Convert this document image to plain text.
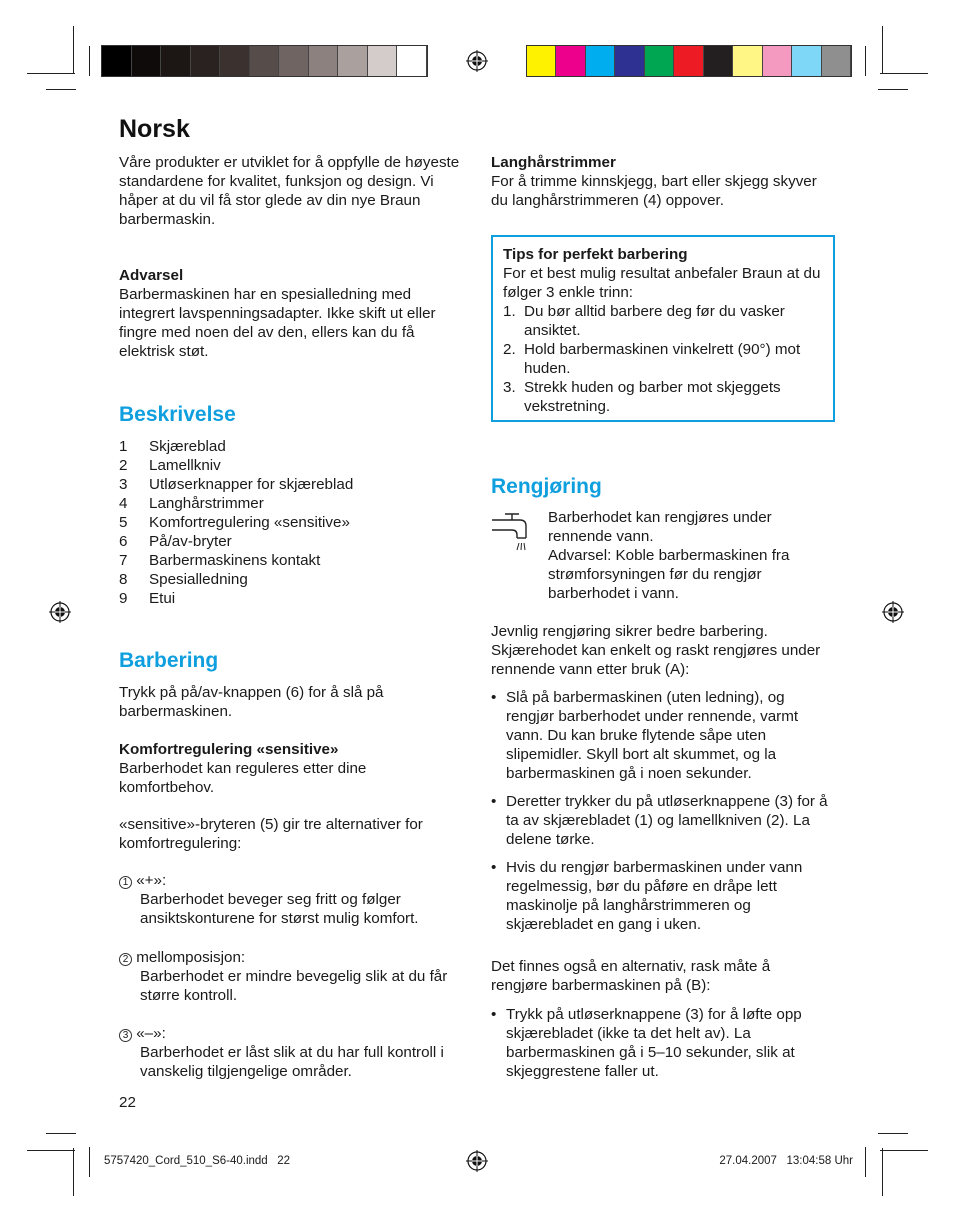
Norsk

Våre produkter er utviklet for å oppfylle de høyeste standardene for kvalitet, funksjon og design. Vi håper at du vil få stor glede av din nye Braun barbermaskin.

Advarsel

Barbermaskinen har en spesialledning med integrert lavspenningsadapter. Ikke skift ut eller fingre med noen del av den, ellers kan du få elektrisk støt.

Beskrivelse
1	Skjæreblad
2	Lamellkniv
3	Utløserknapper for skjæreblad
4	Langhårstrimmer
5	Komfortregulering «sensitive»
6	På/av-bryter
7	Barbermaskinens kontakt
8	Spesialledning
9	Etui
Barbering

Trykk på på/av-knappen (6) for å slå på barbermaskinen.

Komfortregulering «sensitive»

Barberhodet kan reguleres etter dine komfortbehov.

«sensitive»-bryteren (5) gir tre alternativer for komfortregulering:

1 «+»:

Barberhodet beveger seg fritt og følger ansiktskonturene for størst mulig komfort.

2 mellomposisjon:

Barberhodet er mindre bevegelig slik at du får større kontroll.

3 «–»:

Barberhodet er låst slik at du har full kontroll i vanskelig tilgjengelige områder.

22

Langhårstrimmer

For å trimme kinnskjegg, bart eller skjegg skyver du langhårstrimmeren (4) oppover.

Tips for perfekt barbering

For et best mulig resultat anbefaler Braun at du følger 3 enkle trinn:

1. Du bør alltid barbere deg før du vasker ansiktet.
2. Hold barbermaskinen vinkelrett (90°) mot huden.
3. Strekk huden og barber mot skjeggets vekstretning.
Rengjøring

Barberhodet kan rengjøres under rennende vann.

Advarsel: Koble barbermaskinen fra strømforsyningen før du rengjør barberhodet i vann.

Jevnlig rengjøring sikrer bedre barbering. Skjærehodet kan enkelt og raskt rengjøres under rennende vann etter bruk (A):

• Slå på barbermaskinen (uten ledning), og rengjør barberhodet under rennende, varmt vann. Du kan bruke flytende såpe uten slipemidler. Skyll bort alt skummet, og la barbermaskinen gå i noen sekunder.
• Deretter trykker du på utløserknappene (3) for å ta av skjærebladet (1) og lamellkniven (2). La delene tørke.
• Hvis du rengjør barbermaskinen under vann regelmessig, bør du påføre en dråpe lett maskinolje på langhårstrimmeren og skjærebladet en gang i uken.

Det finnes også en alternativ, rask måte å rengjøre barbermaskinen på (B):

• Trykk på utløserknappene (3) for å løfte opp skjærebladet (ikke ta det helt av). La barbermaskinen gå i 5–10 sekunder, slik at skjeggrestene faller ut.

5757420_Cord_510_S6-40.indd   22	27.04.2007   13:04:58 Uhr
